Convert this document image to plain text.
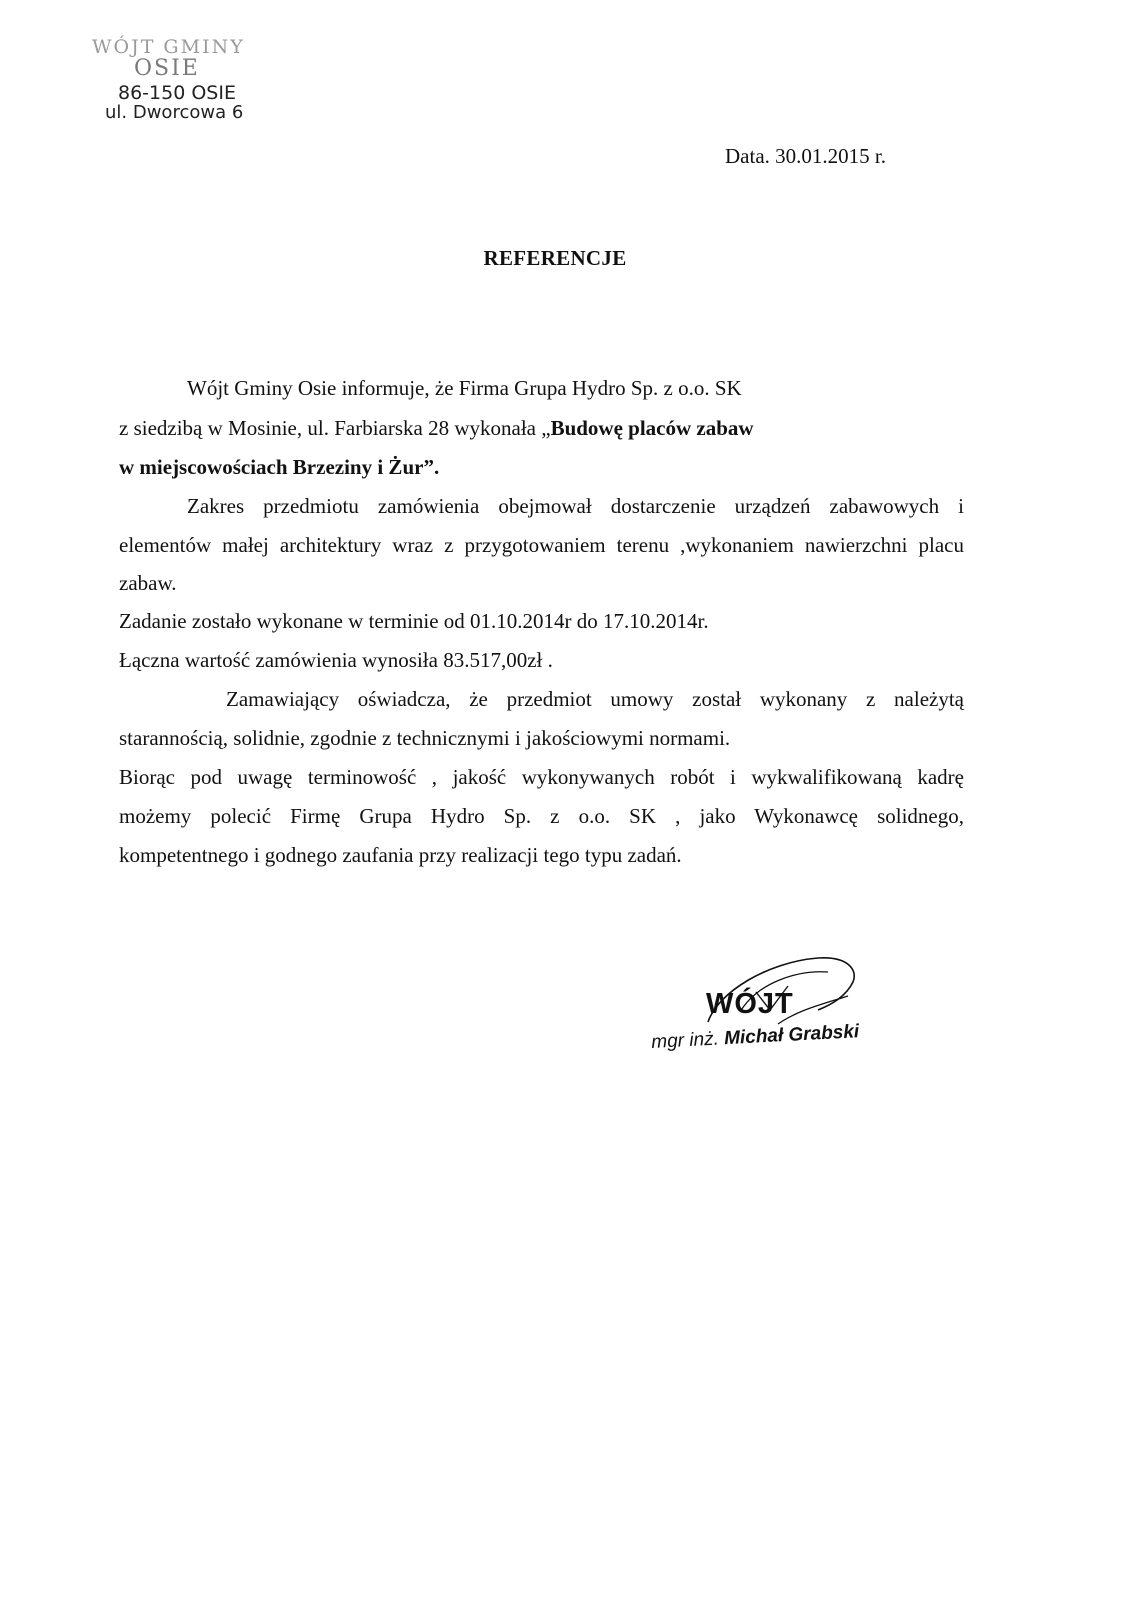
WÓJT GMINY
OSIE
86-150 OSIE
ul. Dworcowa 6
Data. 30.01.2015 r.
REFERENCJE
Wójt Gminy Osie informuje, że Firma Grupa Hydro Sp. z o.o. SK
z siedzibą w Mosinie, ul. Farbiarska 28 wykonała „Budowę placów zabaw
w miejscowościach Brzeziny i Żur”.
Zakres przedmiotu zamówienia obejmował dostarczenie urządzeń zabawowych i
elementów małej architektury wraz z przygotowaniem terenu ,wykonaniem nawierzchni placu
zabaw.
Zadanie zostało wykonane w terminie od 01.10.2014r do 17.10.2014r.
Łączna wartość zamówienia wynosiła 83.517,00zł .
Zamawiający oświadcza, że przedmiot umowy został wykonany z należytą
starannością, solidnie, zgodnie z technicznymi i jakościowymi normami.
Biorąc pod uwagę terminowość , jakość wykonywanych robót i wykwalifikowaną kadrę
możemy polecić Firmę Grupa Hydro Sp. z o.o. SK , jako Wykonawcę solidnego,
kompetentnego i godnego zaufania przy realizacji tego typu zadań.
WÓJT
mgr inż. Michał Grabski
